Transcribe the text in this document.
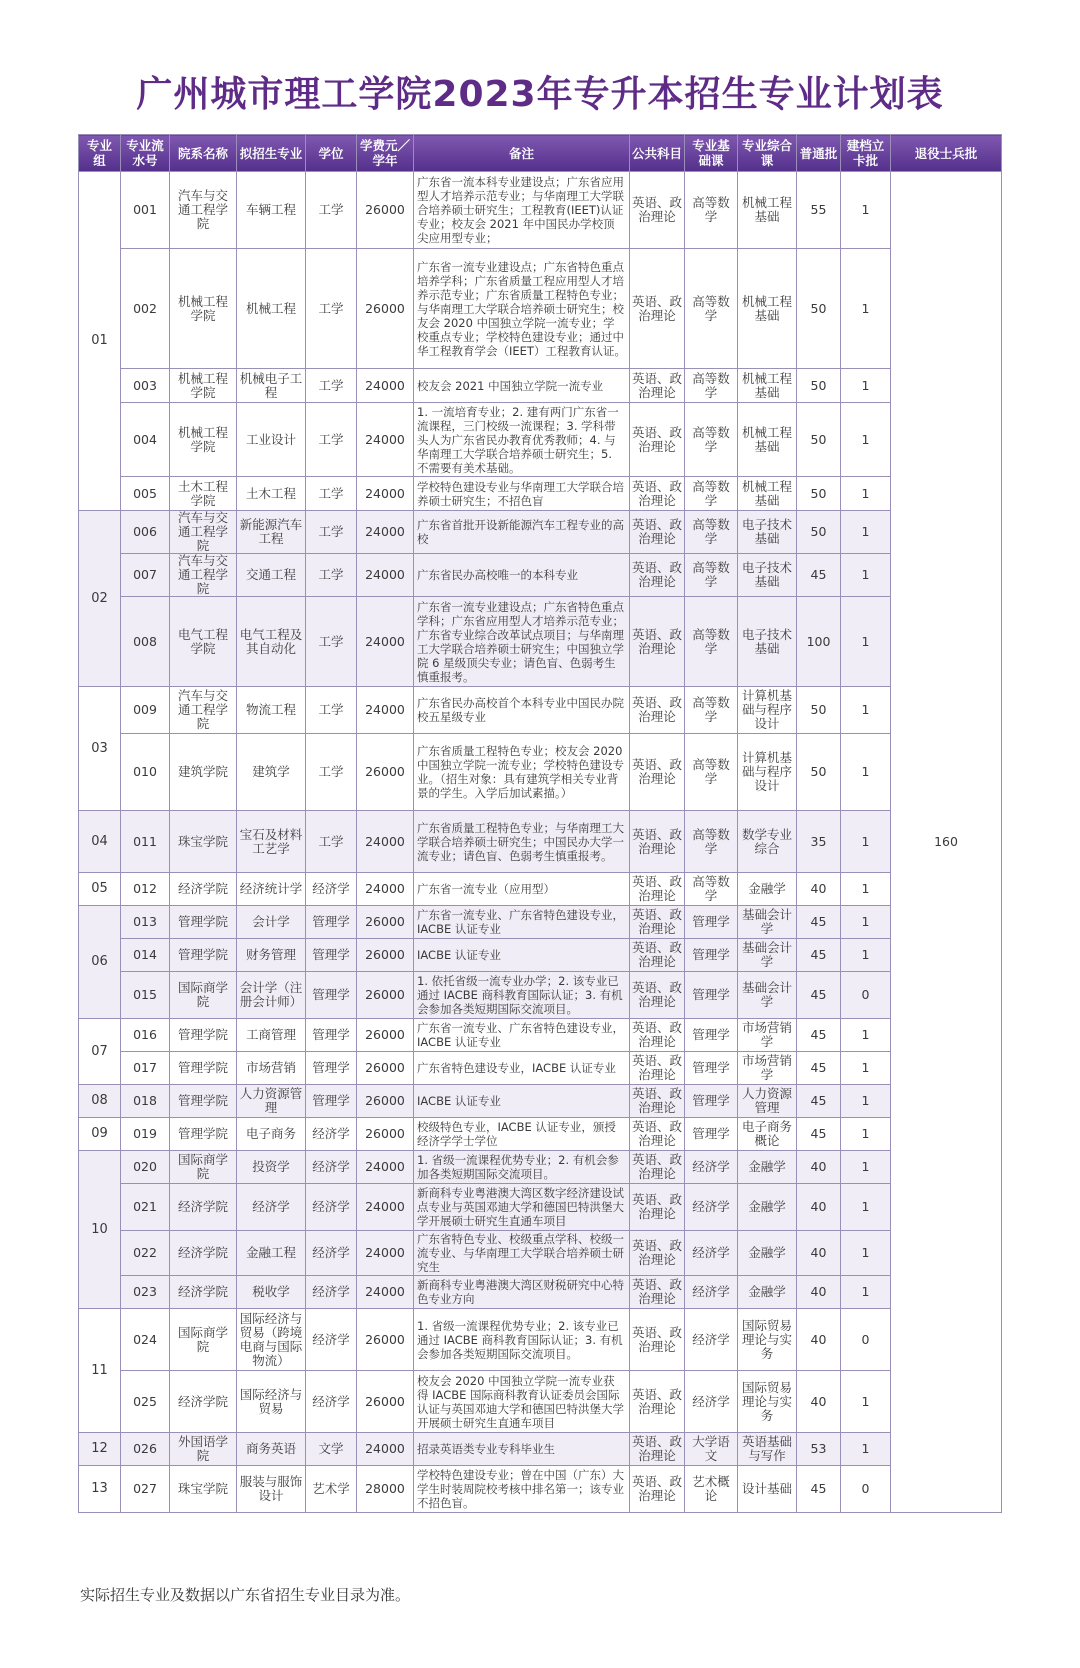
广州城市理工学院2023年专升本招生专业计划表
专业组	专业流水号	院系名称	拟招生专业	学位	学费元／学年	备注	公共科目	专业基础课	专业综合课	普通批	建档立卡批	退役士兵批
01	001	汽车与交通工程学院	车辆工程	工学	26000	广东省一流本科专业建设点；广东省应用型人才培养示范专业；与华南理工大学联合培养硕士研究生；工程教育(IEET)认证专业；校友会 2021 年中国民办学校顶尖应用型专业；	英语、政治理论	高等数学	机械工程基础	55	1	160
	002	机械工程学院	机械工程	工学	26000	广东省一流专业建设点；广东省特色重点培养学科；广东省质量工程应用型人才培养示范专业；广东省质量工程特色专业；与华南理工大学联合培养硕士研究生；校友会 2020 中国独立学院一流专业；学校重点专业；学校特色建设专业；通过中华工程教育学会（IEET）工程教育认证。	英语、政治理论	高等数学	机械工程基础	50	1	
	003	机械工程学院	机械电子工程	工学	24000	校友会 2021 中国独立学院一流专业	英语、政治理论	高等数学	机械工程基础	50	1	
	004	机械工程学院	工业设计	工学	24000	1. 一流培育专业；2. 建有两门广东省一流课程，三门校级一流课程；3. 学科带头人为广东省民办教育优秀教师；4. 与华南理工大学联合培养硕士研究生；5. 不需要有美术基础。	英语、政治理论	高等数学	机械工程基础	50	1	
	005	土木工程学院	土木工程	工学	24000	学校特色建设专业与华南理工大学联合培养硕士研究生；不招色盲	英语、政治理论	高等数学	机械工程基础	50	1	
02	006	汽车与交通工程学院	新能源汽车工程	工学	24000	广东省首批开设新能源汽车工程专业的高校	英语、政治理论	高等数学	电子技术基础	50	1	
	007	汽车与交通工程学院	交通工程	工学	24000	广东省民办高校唯一的本科专业	英语、政治理论	高等数学	电子技术基础	45	1	
	008	电气工程学院	电气工程及其自动化	工学	24000	广东省一流专业建设点；广东省特色重点学科；广东省应用型人才培养示范专业；广东省专业综合改革试点项目；与华南理工大学联合培养硕士研究生；中国独立学院 6 星级顶尖专业；请色盲、色弱考生慎重报考。	英语、政治理论	高等数学	电子技术基础	100	1	
03	009	汽车与交通工程学院	物流工程	工学	24000	广东省民办高校首个本科专业中国民办院校五星级专业	英语、政治理论	高等数学	计算机基础与程序设计	50	1	
	010	建筑学院	建筑学	工学	26000	广东省质量工程特色专业；校友会 2020 中国独立学院一流专业；学校特色建设专业。（招生对象：具有建筑学相关专业背景的学生。入学后加试素描。）	英语、政治理论	高等数学	计算机基础与程序设计	50	1	
04	011	珠宝学院	宝石及材料工艺学	工学	24000	广东省质量工程特色专业；与华南理工大学联合培养硕士研究生；中国民办大学一流专业；请色盲、色弱考生慎重报考。	英语、政治理论	高等数学	数学专业综合	35	1	
05	012	经济学院	经济统计学	经济学	24000	广东省一流专业（应用型）	英语、政治理论	高等数学	金融学	40	1	
06	013	管理学院	会计学	管理学	26000	广东省一流专业、广东省特色建设专业，IACBE 认证专业	英语、政治理论	管理学	基础会计学	45	1	
	014	管理学院	财务管理	管理学	26000	IACBE 认证专业	英语、政治理论	管理学	基础会计学	45	1	
	015	国际商学院	会计学（注册会计师）	管理学	26000	1. 依托省级一流专业办学；2. 该专业已通过 IACBE 商科教育国际认证；3. 有机会参加各类短期国际交流项目。	英语、政治理论	管理学	基础会计学	45	0	
07	016	管理学院	工商管理	管理学	26000	广东省一流专业、广东省特色建设专业，IACBE 认证专业	英语、政治理论	管理学	市场营销学	45	1	
	017	管理学院	市场营销	管理学	26000	广东省特色建设专业，IACBE 认证专业	英语、政治理论	管理学	市场营销学	45	1	
08	018	管理学院	人力资源管理	管理学	26000	IACBE 认证专业	英语、政治理论	管理学	人力资源管理	45	1	
09	019	管理学院	电子商务	经济学	26000	校级特色专业，IACBE 认证专业，颁授经济学学士学位	英语、政治理论	管理学	电子商务概论	45	1	
10	020	国际商学院	投资学	经济学	24000	1. 省级一流课程优势专业；2. 有机会参加各类短期国际交流项目。	英语、政治理论	经济学	金融学	40	1	
	021	经济学院	经济学	经济学	24000	新商科专业粤港澳大湾区数字经济建设试点专业与英国邓迪大学和德国巴特洪堡大学开展硕士研究生直通车项目	英语、政治理论	经济学	金融学	40	1	
	022	经济学院	金融工程	经济学	24000	广东省特色专业、校级重点学科、校级一流专业、与华南理工大学联合培养硕士研究生	英语、政治理论	经济学	金融学	40	1	
	023	经济学院	税收学	经济学	24000	新商科专业粤港澳大湾区财税研究中心特色专业方向	英语、政治理论	经济学	金融学	40	1	
11	024	国际商学院	国际经济与贸易（跨境电商与国际物流）	经济学	26000	1. 省级一流课程优势专业；2. 该专业已通过 IACBE 商科教育国际认证；3. 有机会参加各类短期国际交流项目。	英语、政治理论	经济学	国际贸易理论与实务	40	0	
	025	经济学院	国际经济与贸易	经济学	26000	校友会 2020 中国独立学院一流专业获得 IACBE 国际商科教育认证委员会国际认证与英国邓迪大学和德国巴特洪堡大学开展硕士研究生直通车项目	英语、政治理论	经济学	国际贸易理论与实务	40	1	
12	026	外国语学院	商务英语	文学	24000	招录英语类专业专科毕业生	英语、政治理论	大学语文	英语基础与写作	53	1	
13	027	珠宝学院	服装与服饰设计	艺术学	28000	学校特色建设专业；曾在中国（广东）大学生时装周院校考核中排名第一；该专业不招色盲。	英语、政治理论	艺术概论	设计基础	45	0	
实际招生专业及数据以广东省招生专业目录为准。
